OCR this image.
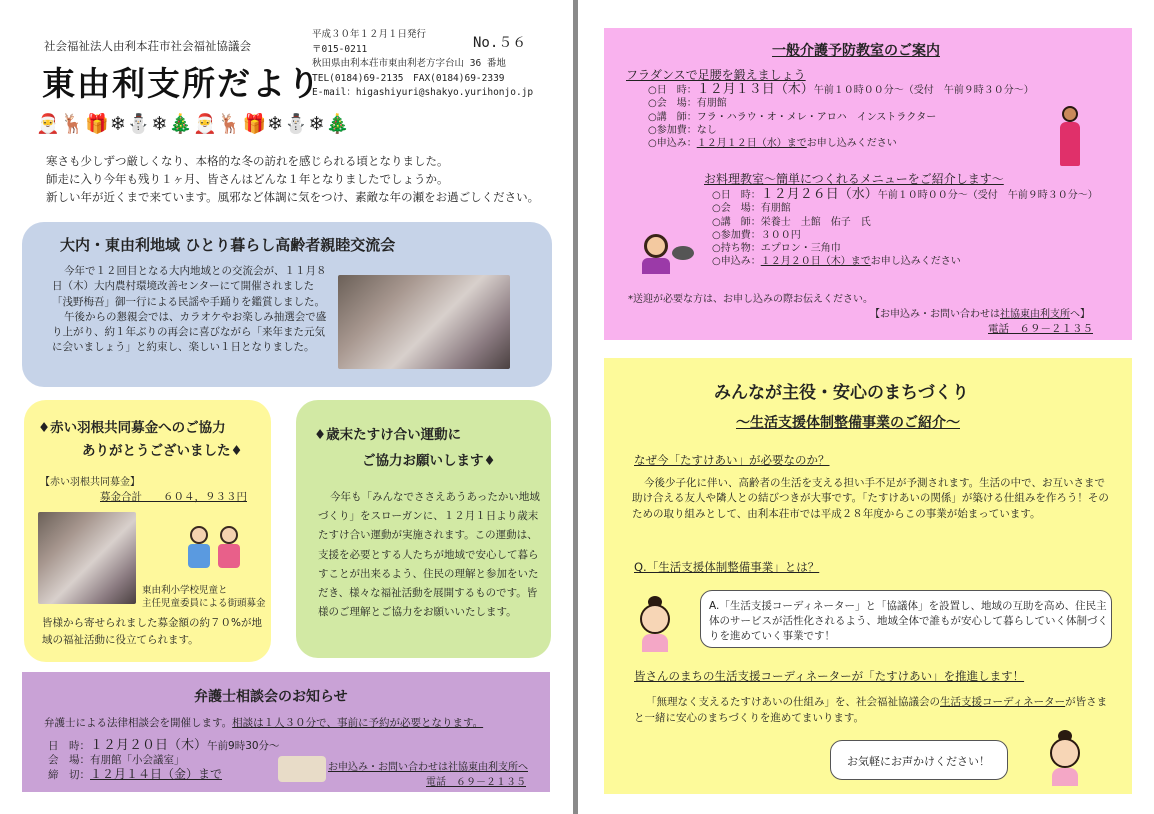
社会福祉法人由利本荘市社会福祉協議会
東由利支所だより
平成３０年１２月１日発行
〒015-0211
秋田県由利本荘市東由利老方字台山 36 番地
TEL(0184)69-2135　FAX(0184)69-2339
E-mail：higashiyuri@shakyo.yurihonjo.jp
No.５６
🎅🦌🎁❄⛄❄🎄🎅🦌🎁❄⛄❄🎄
寒さも少しずつ厳しくなり、本格的な冬の訪れを感じられる頃となりました。
師走に入り今年も残り１ヶ月、皆さんはどんな１年となりましたでしょうか。
新しい年が近くまで来ています。風邪など体調に気をつけ、素敵な年の瀬をお過ごしください。
大内・東由利地域 ひとり暮らし高齢者親睦交流会

今年で１２回目となる大内地域との交流会が、１１月８日（木）大内農村環境改善センターにて開催されました「浅野梅吾」御一行による民謡や手踊りを鑑賞しました。

午後からの懇親会では、カラオケやお楽しみ抽選会で盛り上がり、約１年ぶりの再会に喜びながら「来年また元気に会いましょう」と約束し、楽しい１日となりました。

♦赤い羽根共同募金へのご協力
ありがとうございました♦
【赤い羽根共同募金】
募金合計　　６０４，９３３円
東由利小学校児童と
主任児童委員による街頭募金
皆様から寄せられました募金額の約７０%が地域の福祉活動に役立てられます。
♦歳末たすけ合い運動に
ご協力お願いします♦
今年も「みんなでささえあうあったかい地域づくり」をスローガンに、１２月１日より歳末たすけ合い運動が実施されます。この運動は、支援を必要とする人たちが地域で安心して暮らすことが出来るよう、住民の理解と参加をいただき、様々な福祉活動を展開するものです。皆様のご理解とご協力をお願いいたします。
弁護士相談会のお知らせ
弁護士による法律相談会を開催します。相談は１人３０分で、事前に予約が必要となります。
日　時：１２月２０日（木）午前9時30分～
会　場：有朋館「小会議室」
締　切：１２月１４日（金）まで	お申込み・お問い合わせは社協東由利支所へ
電話　６９－２１３５
一般介護予防教室のご案内
フラダンスで足腰を鍛えましょう
○日　時：１２月１３日（木）午前１０時００分～（受付　午前９時３０分～）
○会　場：有朋館
○講　師：フラ・ハラウ・オ・メレ・アロハ　インストラクター
○参加費：なし
○申込み：１２月１２日（水）までお申し込みください
お料理教室～簡単につくれるメニューをご紹介します～
○日　時：１２月２６日（水）午前１０時００分～（受付　午前９時３０分～）
○会　場：有朋館
○講　師：栄養士　土館　佑子　氏
○参加費：３００円
○持ち物：エプロン・三角巾
○申込み：１２月２０日（木）までお申し込みください
*送迎が必要な方は、お申し込みの際お伝えください。
【お申込み・お問い合わせは社協東由利支所へ】
電話　６９－２１３５
みんなが主役・安心のまちづくり
～生活支援体制整備事業のご紹介～
なぜ今「たすけあい」が必要なのか？
今後少子化に伴い、高齢者の生活を支える担い手不足が予測されます。生活の中で、お互いさまで助け合える友人や隣人との結びつきが大事です。「たすけあいの関係」が築ける仕組みを作ろう！そのための取り組みとして、由利本荘市では平成２８年度からこの事業が始まっています。
Q.「生活支援体制整備事業」とは？
A.「生活支援コーディネーター」と「協議体」を設置し、地域の互助を高め、住民主体のサービスが活性化されるよう、地域全体で誰もが安心して暮らしていく体制づくりを進めていく事業です！
皆さんのまちの生活支援コーディネーターが「たすけあい」を推進します！
「無理なく支えるたすけあいの仕組み」を、社会福祉協議会の生活支援コーディネーターが皆さまと一緒に安心のまちづくりを進めてまいります。
お気軽にお声かけください！
